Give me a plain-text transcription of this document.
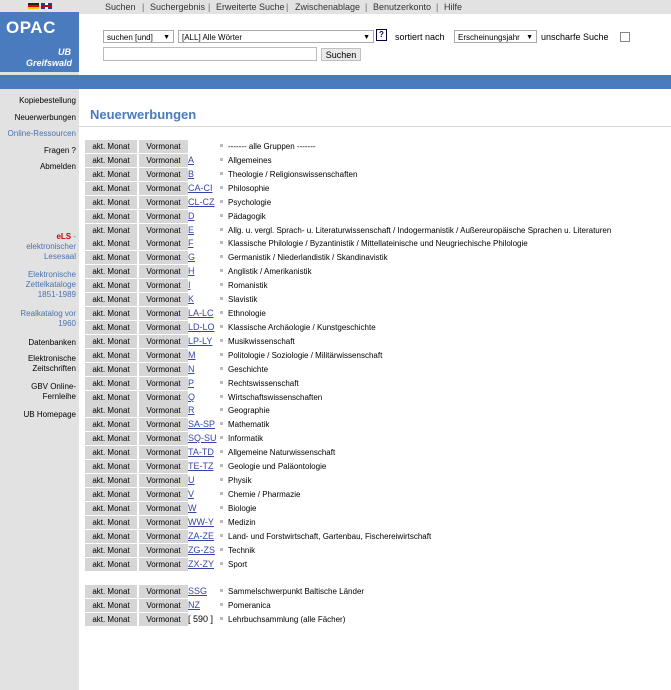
OPAC
UB
Greifswald
Suchen | Suchergebnis | Erweiterte Suche | Zwischenablage | Benutzerkonto | Hilfe
suchen [und] ▼	[ALL] Alle Wörter	▼	?	sortiert nach	Erscheinungsjahr ▼ unscharfe Suche
Suchen
Kopiebestellung
Neuerwerbungen
Online-Ressourcen
Fragen ?
Abmelden
eLS -
elektronischer
Lesesaal
Elektronische
Zettelkataloge
1851-1989
Realkatalog vor
1960
Datenbanken
Elektronische
Zeitschriften
GBV Online-
Fernleihe
UB Homepage
Neuerwerbungen
akt. Monat	Vormonat	------- alle Gruppen -------
akt. Monat	Vormonat A	Allgemeines
akt. Monat	Vormonat B	Theologie / Religionswissenschaften
akt. Monat	Vormonat CA-CI Philosophie
akt. Monat	Vormonat CL-CZ Psychologie
akt. Monat	Vormonat D	Pädagogik
akt. Monat	Vormonat E	Allg. u. vergl. Sprach- u. Literaturwissenschaft / Indogermanistik / Außereuropäische Sprachen u. Literaturen
akt. Monat	Vormonat F	Klassische Philologie / Byzantinistik / Mittellateinische und Neugriechische Philologie
akt. Monat	Vormonat G	Germanistik / Niederlandistik / Skandinavistik
akt. Monat	Vormonat H	Anglistik / Amerikanistik
akt. Monat	Vormonat I	Romanistik
akt. Monat	Vormonat K	Slavistik
akt. Monat	Vormonat LA-LC Ethnologie
akt. Monat	Vormonat LD-LO Klassische Archäologie / Kunstgeschichte
akt. Monat	Vormonat LP-LY Musikwissenschaft
akt. Monat	Vormonat M	Politologie / Soziologie / Militärwissenschaft
akt. Monat	Vormonat N	Geschichte
akt. Monat	Vormonat P	Rechtswissenschaft
akt. Monat	Vormonat Q	Wirtschaftswissenschaften
akt. Monat	Vormonat R	Geographie
akt. Monat	Vormonat SA-SP Mathematik
akt. Monat	Vormonat SQ-SU Informatik
akt. Monat	Vormonat TA-TD Allgemeine Naturwissenschaft
akt. Monat	Vormonat TE-TZ Geologie und Paläontologie
akt. Monat	Vormonat U	Physik
akt. Monat	Vormonat V	Chemie / Pharmazie
akt. Monat	Vormonat W	Biologie
akt. Monat	Vormonat WW-Y Medizin
akt. Monat	Vormonat ZA-ZE Land- und Forstwirtschaft, Gartenbau, Fischereiwirtschaft
akt. Monat	Vormonat ZG-ZS Technik
akt. Monat	Vormonat ZX-ZY Sport
akt. Monat	Vormonat SSG	Sammelschwerpunkt Baltische Länder
akt. Monat	Vormonat NZ	Pomeranica
akt. Monat	Vormonat [ 590 ] Lehrbuchsammlung (alle Fächer)
